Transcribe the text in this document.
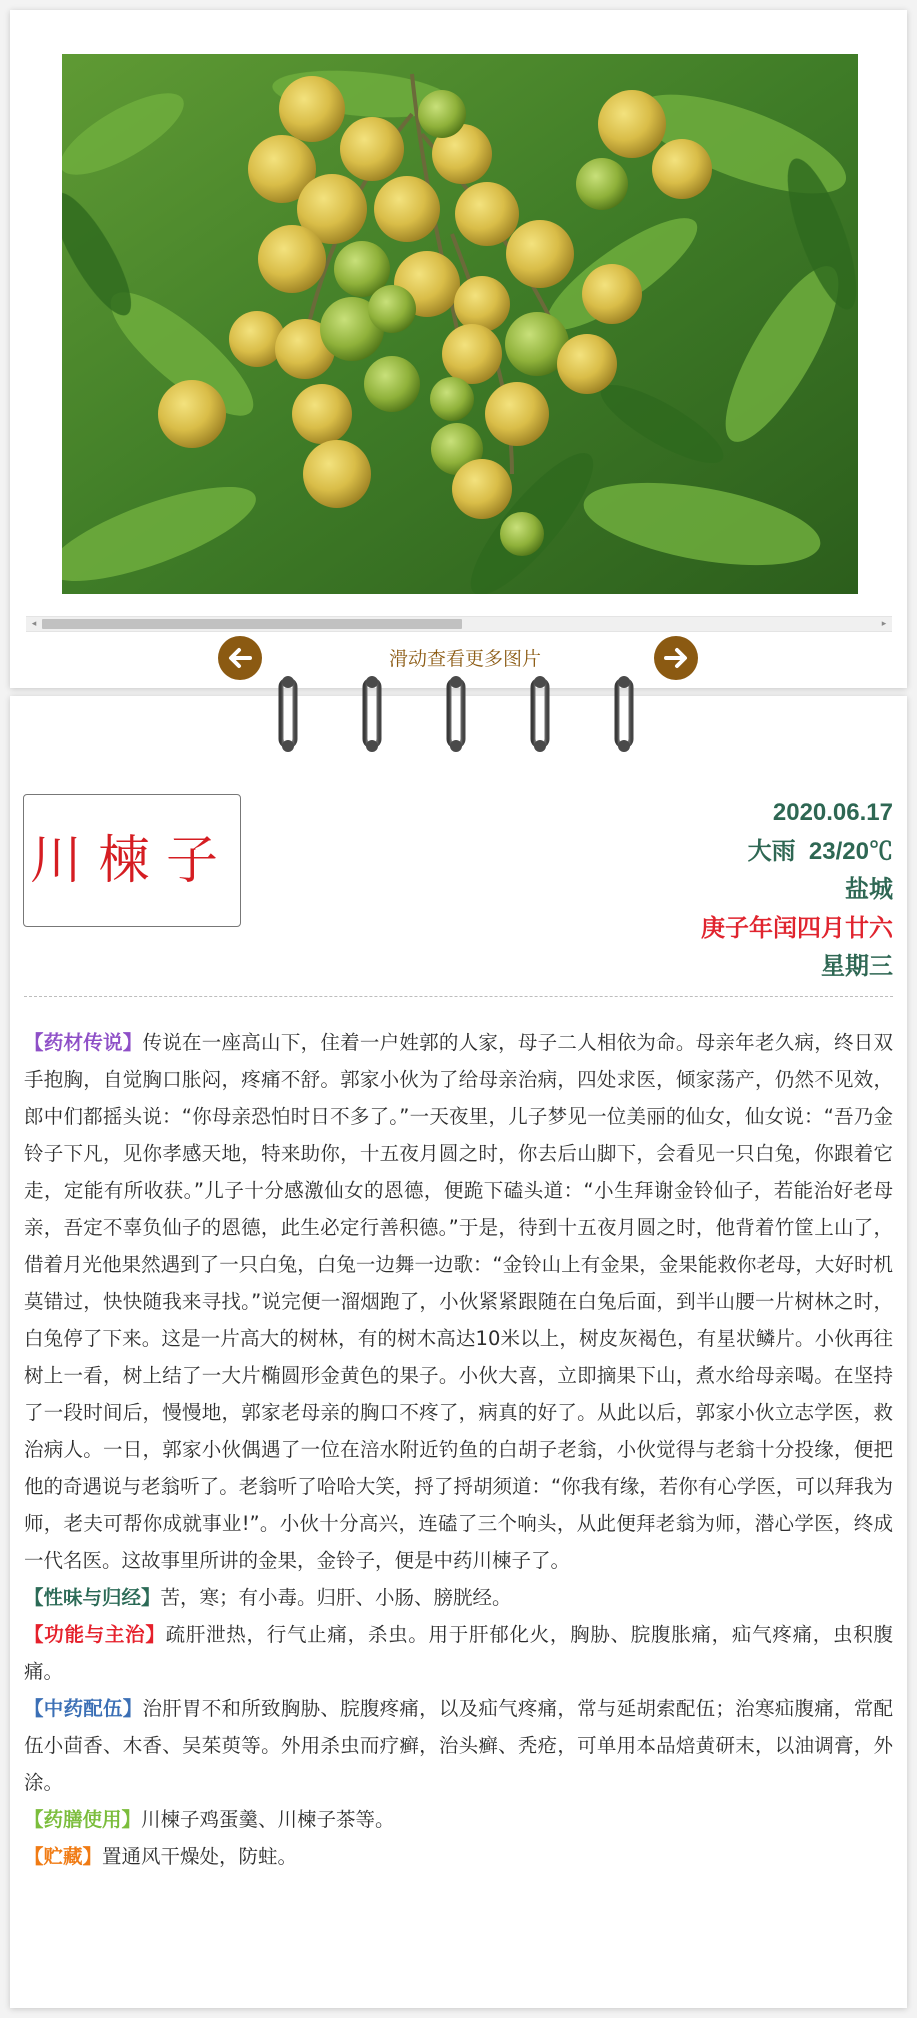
◂	▸
滑动查看更多图片
川楝子
2020.06.17
大雨  23/20℃
盐城
庚子年闰四月廿六
星期三

【药材传说】传说在一座高山下，住着一户姓郭的人家，母子二人相依为命。母亲年老久病，终日双手抱胸，自觉胸口胀闷，疼痛不舒。郭家小伙为了给母亲治病，四处求医，倾家荡产，仍然不见效，郎中们都摇头说：“你母亲恐怕时日不多了。”一天夜里，儿子梦见一位美丽的仙女，仙女说：“吾乃金铃子下凡，见你孝感天地，特来助你，十五夜月圆之时，你去后山脚下，会看见一只白兔，你跟着它走，定能有所收获。”儿子十分感激仙女的恩德，便跪下磕头道：“小生拜谢金铃仙子，若能治好老母亲，吾定不辜负仙子的恩德，此生必定行善积德。”于是，待到十五夜月圆之时，他背着竹筐上山了，借着月光他果然遇到了一只白兔，白兔一边舞一边歌：“金铃山上有金果，金果能救你老母，大好时机莫错过，快快随我来寻找。”说完便一溜烟跑了，小伙紧紧跟随在白兔后面，到半山腰一片树林之时，白兔停了下来。这是一片高大的树林，有的树木高达10米以上，树皮灰褐色，有星状鳞片。小伙再往树上一看，树上结了一大片椭圆形金黄色的果子。小伙大喜，立即摘果下山，煮水给母亲喝。在坚持了一段时间后，慢慢地，郭家老母亲的胸口不疼了，病真的好了。从此以后，郭家小伙立志学医，救治病人。一日，郭家小伙偶遇了一位在涪水附近钓鱼的白胡子老翁，小伙觉得与老翁十分投缘，便把他的奇遇说与老翁听了。老翁听了哈哈大笑，捋了捋胡须道：“你我有缘，若你有心学医，可以拜我为师，老夫可帮你成就事业!”。小伙十分高兴，连磕了三个响头，从此便拜老翁为师，潜心学医，终成一代名医。这故事里所讲的金果，金铃子，便是中药川楝子了。

【性味与归经】苦，寒；有小毒。归肝、小肠、膀胱经。

【功能与主治】疏肝泄热，行气止痛，杀虫。用于肝郁化火，胸胁、脘腹胀痛，疝气疼痛，虫积腹痛。

【中药配伍】治肝胃不和所致胸胁、脘腹疼痛，以及疝气疼痛，常与延胡索配伍；治寒疝腹痛，常配伍小茴香、木香、吴茱萸等。外用杀虫而疗癣，治头癣、秃疮，可单用本品焙黄研末，以油调膏，外涂。

【药膳使用】川楝子鸡蛋羹、川楝子茶等。

【贮藏】置通风干燥处，防蛀。
